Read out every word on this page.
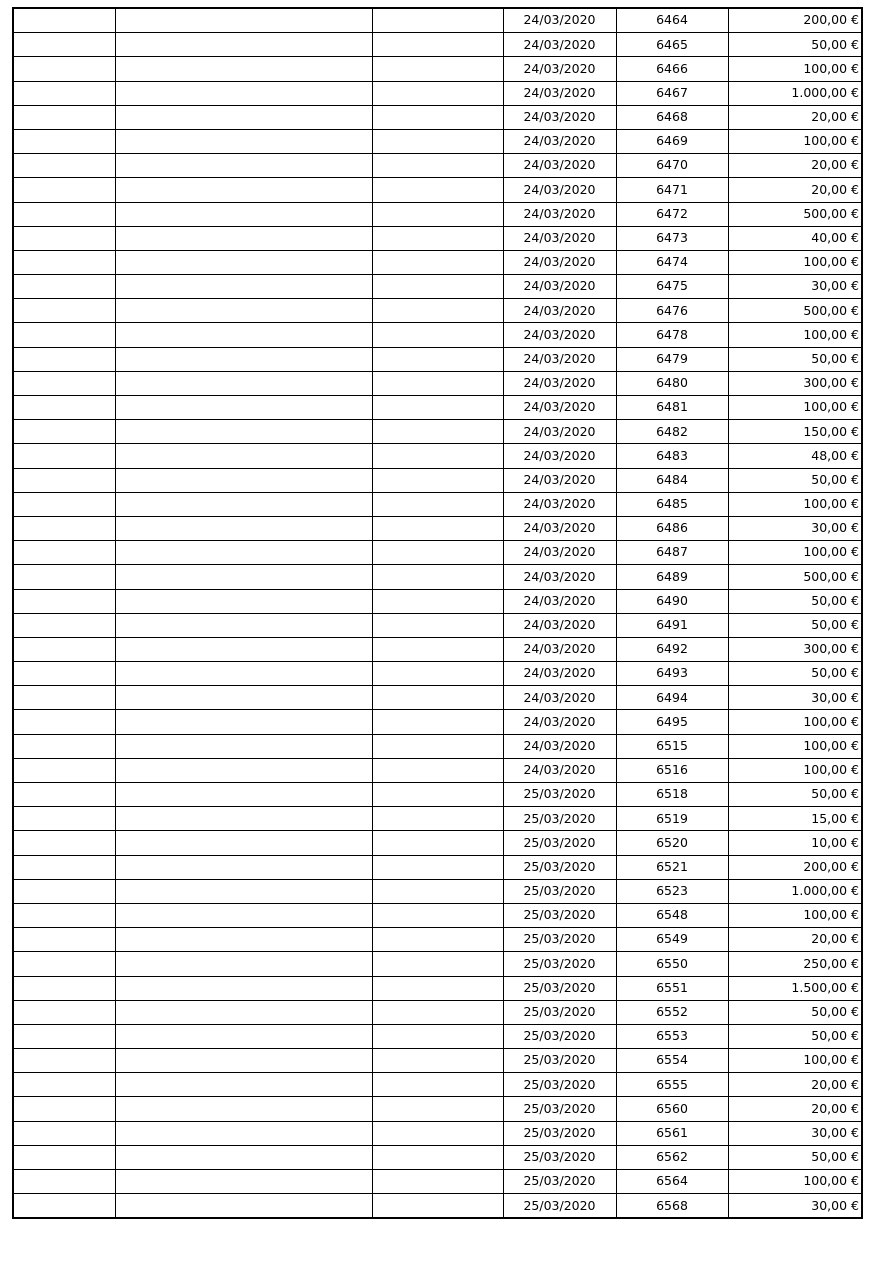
			24/03/2020	6464	200,00 €
			24/03/2020	6465	50,00 €
			24/03/2020	6466	100,00 €
			24/03/2020	6467	1.000,00 €
			24/03/2020	6468	20,00 €
			24/03/2020	6469	100,00 €
			24/03/2020	6470	20,00 €
			24/03/2020	6471	20,00 €
			24/03/2020	6472	500,00 €
			24/03/2020	6473	40,00 €
			24/03/2020	6474	100,00 €
			24/03/2020	6475	30,00 €
			24/03/2020	6476	500,00 €
			24/03/2020	6478	100,00 €
			24/03/2020	6479	50,00 €
			24/03/2020	6480	300,00 €
			24/03/2020	6481	100,00 €
			24/03/2020	6482	150,00 €
			24/03/2020	6483	48,00 €
			24/03/2020	6484	50,00 €
			24/03/2020	6485	100,00 €
			24/03/2020	6486	30,00 €
			24/03/2020	6487	100,00 €
			24/03/2020	6489	500,00 €
			24/03/2020	6490	50,00 €
			24/03/2020	6491	50,00 €
			24/03/2020	6492	300,00 €
			24/03/2020	6493	50,00 €
			24/03/2020	6494	30,00 €
			24/03/2020	6495	100,00 €
			24/03/2020	6515	100,00 €
			24/03/2020	6516	100,00 €
			25/03/2020	6518	50,00 €
			25/03/2020	6519	15,00 €
			25/03/2020	6520	10,00 €
			25/03/2020	6521	200,00 €
			25/03/2020	6523	1.000,00 €
			25/03/2020	6548	100,00 €
			25/03/2020	6549	20,00 €
			25/03/2020	6550	250,00 €
			25/03/2020	6551	1.500,00 €
			25/03/2020	6552	50,00 €
			25/03/2020	6553	50,00 €
			25/03/2020	6554	100,00 €
			25/03/2020	6555	20,00 €
			25/03/2020	6560	20,00 €
			25/03/2020	6561	30,00 €
			25/03/2020	6562	50,00 €
			25/03/2020	6564	100,00 €
			25/03/2020	6568	30,00 €
